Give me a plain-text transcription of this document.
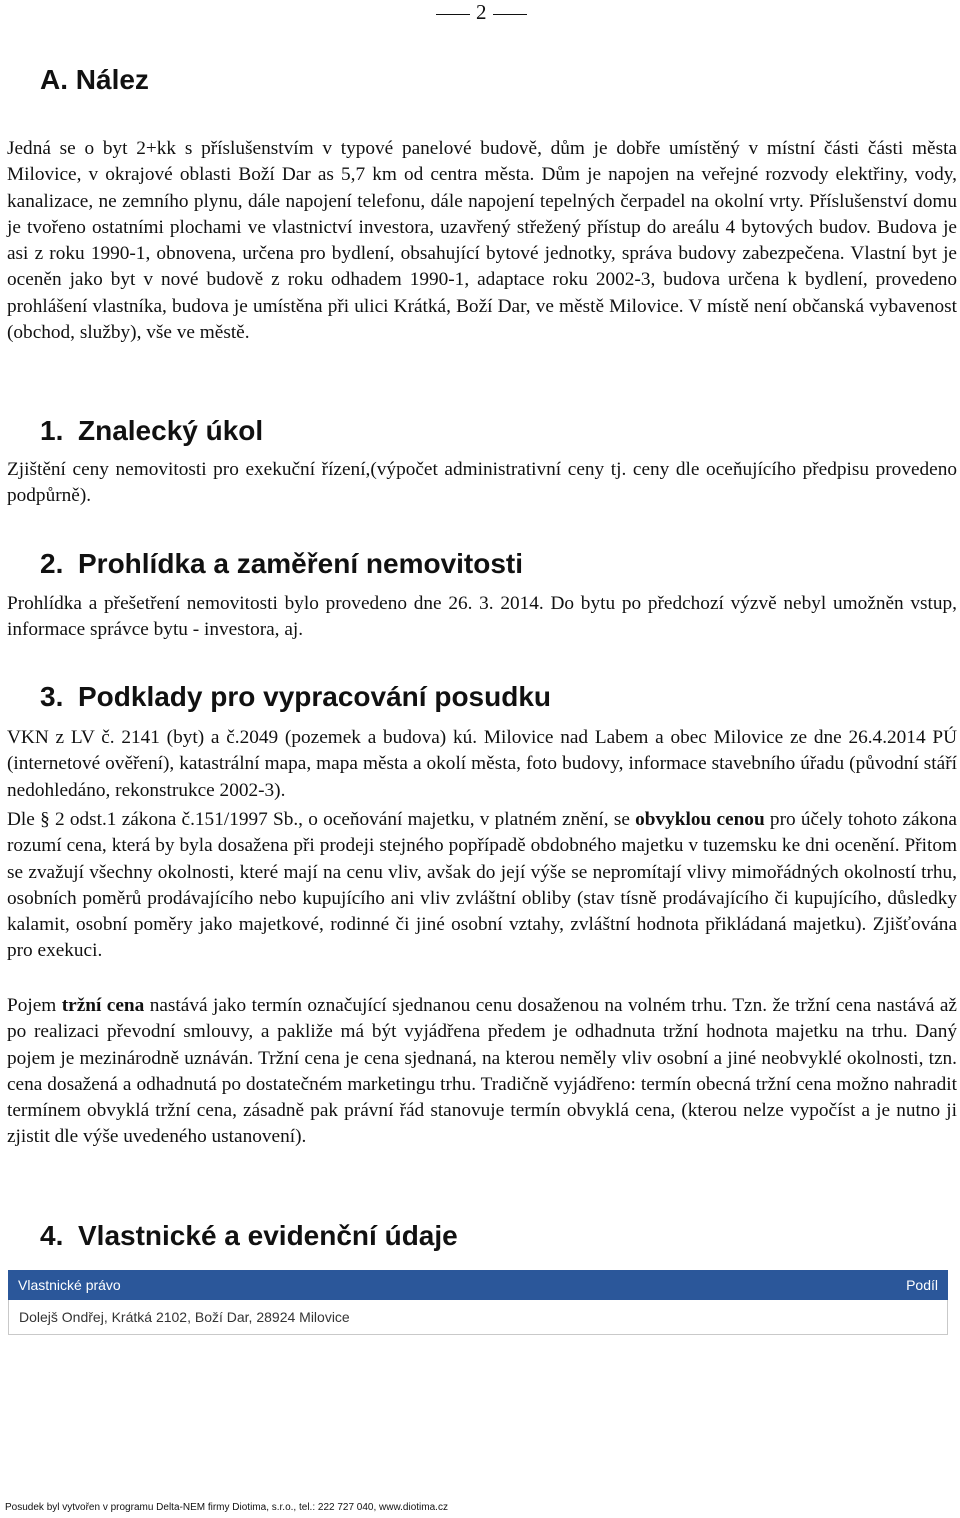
2
A. Nález

Jedná se o byt 2+kk s příslušenstvím v typové panelové budově, dům je dobře umístěný v místní části části města Milovice, v okrajové oblasti Boží Dar as 5,7 km od centra města. Dům je napojen na veřejné rozvody elektřiny, vody, kanalizace, ne zemního plynu, dále napojení telefonu, dále napojení tepelných čerpadel na okolní vrty. Příslušenství domu je tvořeno ostatními plochami ve vlastnictví investora, uzavřený střežený přístup do areálu 4 bytových budov. Budova je asi z roku 1990-1, obnovena, určena pro bydlení, obsahující bytové jednotky, správa budovy zabezpečena. Vlastní byt je oceněn jako byt v nové budově z roku odhadem 1990-1, adaptace roku 2002-3, budova určena k bydlení, provedeno prohlášení vlastníka, budova je umístěna při ulici Krátká, Boží Dar, ve městě Milovice. V místě není občanská vybavenost (obchod, služby), vše ve městě.

1. Znalecký úkol

Zjištění ceny nemovitosti pro exekuční řízení,(výpočet administrativní ceny tj. ceny dle oceňujícího předpisu provedeno podpůrně).

2. Prohlídka a zaměření nemovitosti

Prohlídka a přešetření nemovitosti bylo provedeno dne 26. 3. 2014. Do bytu po předchozí výzvě nebyl umožněn vstup, informace správce bytu - investora, aj.

3. Podklady pro vypracování posudku

VKN z LV č. 2141 (byt) a č.2049 (pozemek a budova) kú. Milovice nad Labem a obec Milovice ze dne 26.4.2014 PÚ (internetové ověření), katastrální mapa, mapa města a okolí města, foto budovy, informace stavebního úřadu (původní stáří nedohledáno, rekonstrukce 2002-3).

Dle § 2 odst.1 zákona č.151/1997 Sb., o oceňování majetku, v platném znění, se obvyklou cenou pro účely tohoto zákona rozumí cena, která by byla dosažena při prodeji stejného popřípadě obdobného majetku v tuzemsku ke dni ocenění. Přitom se zvažují všechny okolnosti, které mají na cenu vliv, avšak do její výše se nepromítají vlivy mimořádných okolností trhu, osobních poměrů prodávajícího nebo kupujícího ani vliv zvláštní obliby (stav tísně prodávajícího či kupujícího, důsledky kalamit, osobní poměry jako majetkové, rodinné či jiné osobní vztahy, zvláštní hodnota přikládaná majetku). Zjišťována pro exekuci.

Pojem tržní cena nastává jako termín označující sjednanou cenu dosaženou na volném trhu. Tzn. že tržní cena nastává až po realizaci převodní smlouvy, a pakliže má být vyjádřena předem je odhadnuta tržní hodnota majetku na trhu. Daný pojem je mezinárodně uznáván. Tržní cena je cena sjednaná, na kterou neměly vliv osobní a jiné neobvyklé okolnosti, tzn. cena dosažená a odhadnutá po dostatečném marketingu trhu. Tradičně vyjádřeno: termín obecná tržní cena možno nahradit termínem obvyklá tržní cena, zásadně pak právní řád stanovuje termín obvyklá cena, (kterou nelze vypočíst a je nutno ji zjistit dle výše uvedeného ustanovení).

4. Vlastnické a evidenční údaje
Vlastnické právo	Podíl
Dolejš Ondřej, Krátká 2102, Boží Dar, 28924 Milovice
Posudek byl vytvořen v programu Delta-NEM firmy Diotima, s.r.o., tel.: 222 727 040, www.diotima.cz
